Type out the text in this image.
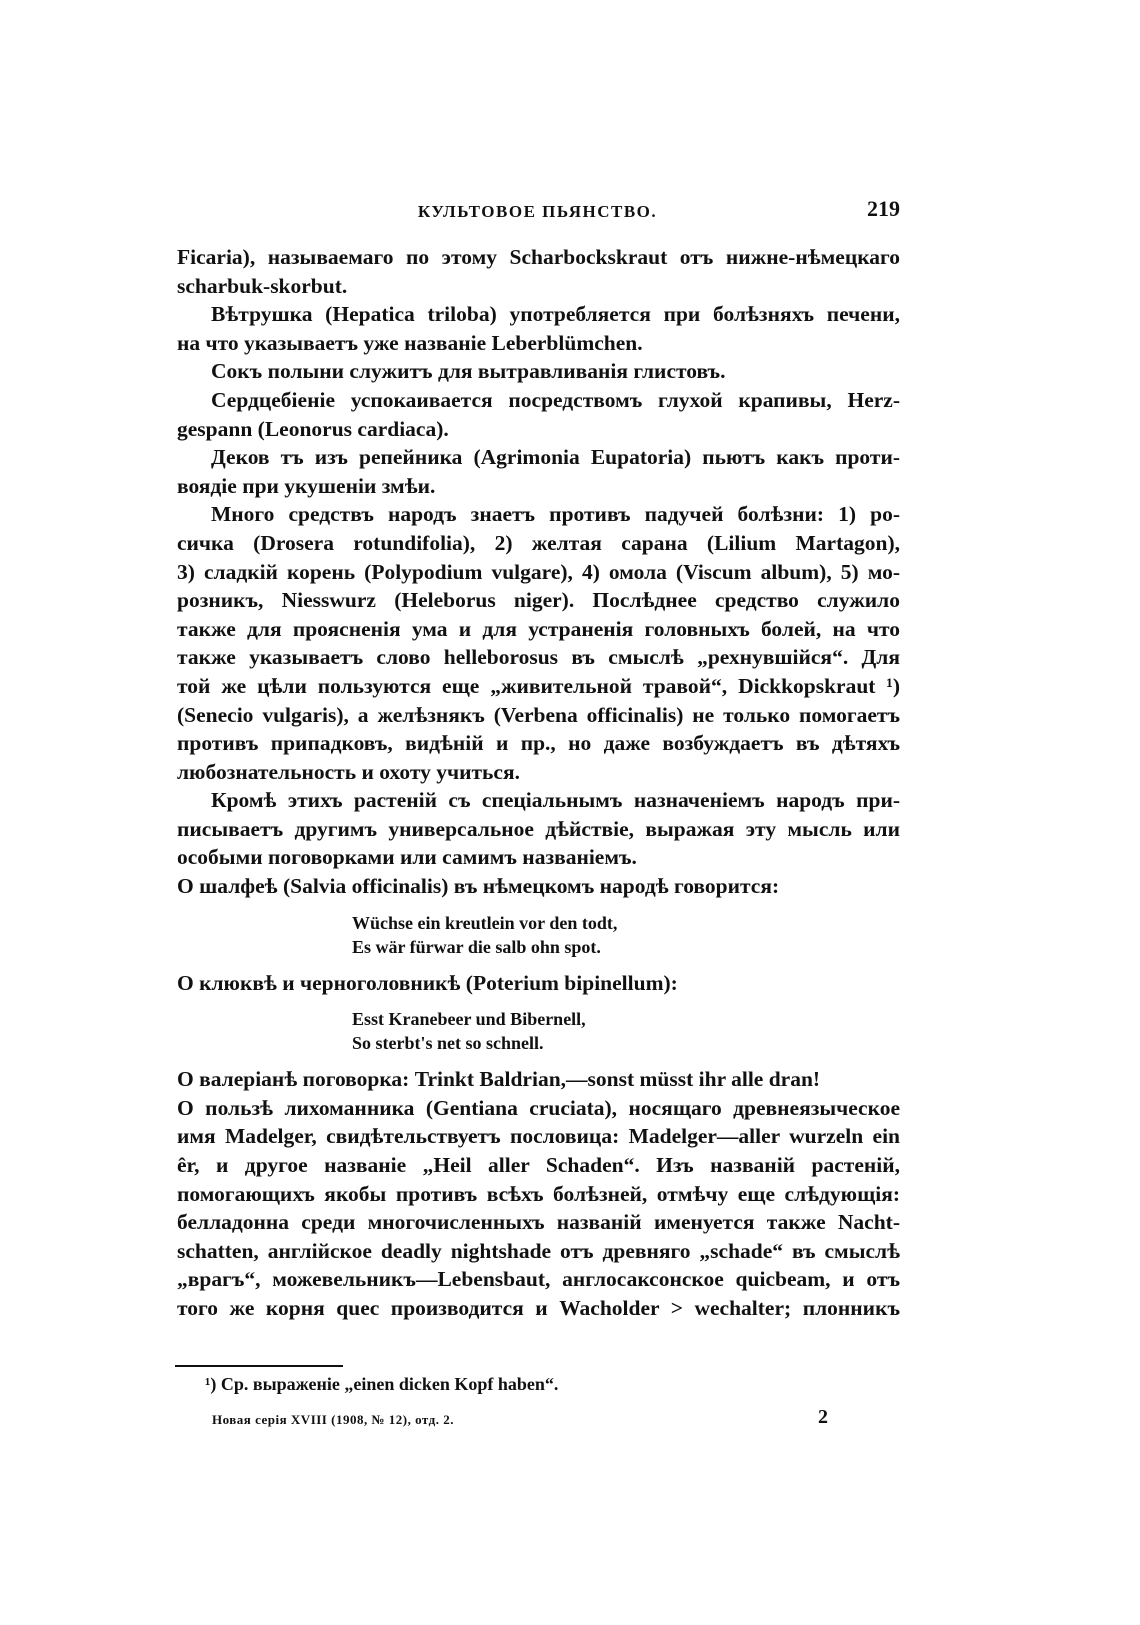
КУЛЬТОВОЕ ПЬЯНСТВО.	219
Ficaria), называемаго по этому Scharbockskraut отъ нижне-нѣмецкаго
scharbuk-skorbut.
Вѣтрушка (Hepatica triloba) употребляется при болѣзняхъ печени,
на что указываетъ уже названіе Leberblümchen.
Сокъ полыни служитъ для вытравливанія глистовъ.
Сердцебіеніе успокаивается посредствомъ глухой крапивы, Herz-
gespann (Leonorus cardiaca).
Деков тъ изъ репейника (Agrimonia Eupatoria) пьютъ какъ проти-
воядіе при укушеніи змѣи.
Много средствъ народъ знаетъ противъ падучей болѣзни: 1) ро-
сичка (Drosera rotundifolia), 2) желтая сарана (Lilium Martagon),
3) сладкій корень (Polypodium vulgare), 4) омола (Viscum album), 5) мо-
розникъ, Niesswurz (Heleborus niger). Послѣднее средство служило
также для проясненія ума и для устраненія головныхъ болей, на что
также указываетъ слово helleborosus въ смыслѣ „рехнувшійся“. Для
той же цѣли пользуются еще „живительной травой“, Dickkopskraut ¹)
(Senecio vulgaris), а желѣзнякъ (Verbena officinalis) не только помогаетъ
противъ припадковъ, видѣній и пр., но даже возбуждаетъ въ дѣтяхъ
любознательность и охоту учиться.
Кромѣ этихъ растеній съ спеціальнымъ назначеніемъ народъ при-
писываетъ другимъ универсальное дѣйствіе, выражая эту мысль или
особыми поговорками или самимъ названіемъ.
О шалфеѣ (Salvia officinalis) въ нѣмецкомъ народѣ говорится:
Wüchse ein kreutlein vor den todt,
Es wär fürwar die salb ohn spot.
О клюквѣ и черноголовникѣ (Poterium bipinellum):
Esst Kranebeer und Bibernell,
So sterbt's net so schnell.
О валеріанѣ поговорка: Trinkt Baldrian,—sonst müsst ihr alle dran!
О пользѣ лихоманника (Gentiana cruciata), носящаго древнеязыческое
имя Madelger, свидѣтельствуетъ пословица: Madelger—aller wurzeln ein
êr, и другое названіе „Heil aller Schaden“. Изъ названій растеній,
помогающихъ якобы противъ всѣхъ болѣзней, отмѣчу еще слѣдующія:
белладонна среди многочисленныхъ названій именуется также Nacht-
schatten, англійское deadly nightshade отъ древняго „schade“ въ смыслѣ
„врагъ“, можевельникъ—Lebensbaut, англосаксонское quicbeam, и отъ
того же корня quec производится и Wacholder > wechalter; плонникъ
¹) Ср. выраженіе „einen dicken Kopf haben“.
Новая серія XVIII (1908, № 12), отд. 2.	2
